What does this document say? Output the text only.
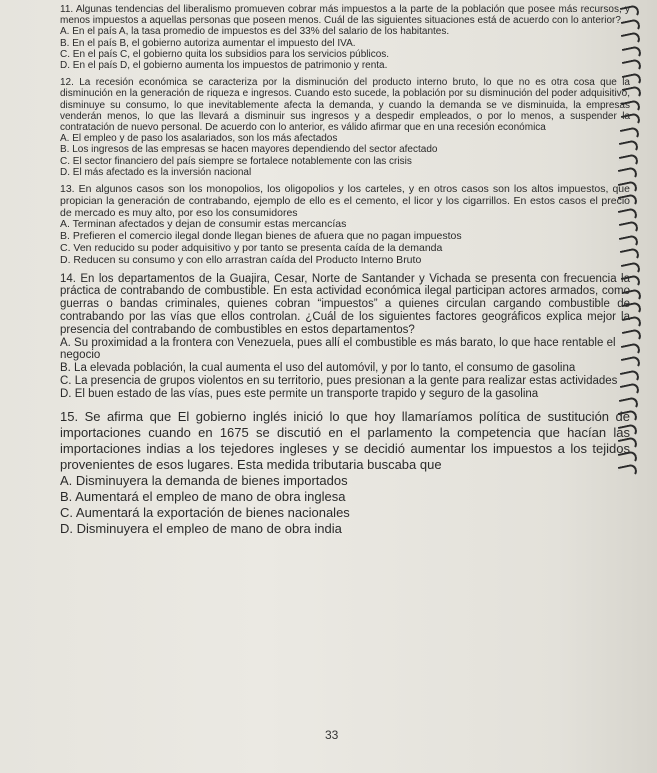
11. Algunas tendencias del liberalismo promueven cobrar más impuestos a la parte de la población que posee más recursos, y menos impuestos a aquellas personas que poseen menos. Cuál de las siguientes situaciones está de acuerdo con lo anterior?

A. En el país A, la tasa promedio de impuestos es del 33% del salario de los habitantes.

B. En el país B, el gobierno autoriza aumentar el impuesto del IVA.

C. En el país C, el gobierno quita los subsidios para los servicios públicos.

D. En el país D, el gobierno aumenta los impuestos de patrimonio y renta.

12. La recesión económica se caracteriza por la disminución del producto interno bruto, lo que no es otra cosa que la disminución en la generación de riqueza e ingresos. Cuando esto sucede, la población por su disminución del poder adquisitivo, disminuye su consumo, lo que inevitablemente afecta la demanda, y cuando la demanda se ve disminuida, la empresas venderán menos, lo que las llevará a disminuir sus ingresos y a despedir empleados, o por lo menos, a suspender la contratación de nuevo personal. De acuerdo con lo anterior, es válido afirmar que en una recesión económica

A. El empleo y de paso los asalariados, son los más afectados

B. Los ingresos de las empresas se hacen mayores dependiendo del sector afectado

C. El sector financiero del país siempre se fortalece notablemente con las crisis

D. El más afectado es la inversión nacional

13. En algunos casos son los monopolios, los oligopolios y los carteles, y en otros casos son los altos impuestos, que propician la generación de contrabando, ejemplo de ello es el cemento, el licor y los cigarrillos. En estos casos el precio de mercado es muy alto, por eso los consumidores

A. Terminan afectados y dejan de consumir estas mercancías

B. Prefieren el comercio ilegal donde llegan bienes de afuera que no pagan impuestos

C. Ven reducido su poder adquisitivo y por tanto se presenta caída de la demanda

D. Reducen su consumo y con ello arrastran caída del Producto Interno Bruto

14. En los departamentos de la Guajira, Cesar, Norte de Santander y Vichada se presenta con frecuencia la práctica de contrabando de combustible. En esta actividad económica ilegal participan actores armados, como guerras o bandas criminales, quienes cobran “impuestos” a quienes circulan cargando combustible de contrabando por las vías que ellos controlan. ¿Cuál de los siguientes factores geográficos explica mejor la presencia del contrabando de combustibles en estos departamentos?

A. Su proximidad a la frontera con Venezuela, pues allí el combustible es más barato, lo que hace rentable el negocio

B. La elevada población, la cual aumenta el uso del automóvil, y por lo tanto, el consumo de gasolina

C. La presencia de grupos violentos en su territorio, pues presionan a la gente para realizar estas actividades

D. El buen estado de las vías, pues este permite un transporte trapido y seguro de la gasolina

15. Se afirma que El gobierno inglés inició lo que hoy llamaríamos política de sustitución de importaciones cuando en 1675 se discutió en el parlamento la competencia que hacían las importaciones indias a los tejedores ingleses y se decidió aumentar los impuestos a los tejidos provenientes de esos lugares. Esta medida tributaria buscaba que

A. Disminuyera la demanda de bienes importados

B. Aumentará el empleo de mano de obra inglesa

C. Aumentará la exportación de bienes nacionales

D. Disminuyera el empleo de mano de obra india

33
